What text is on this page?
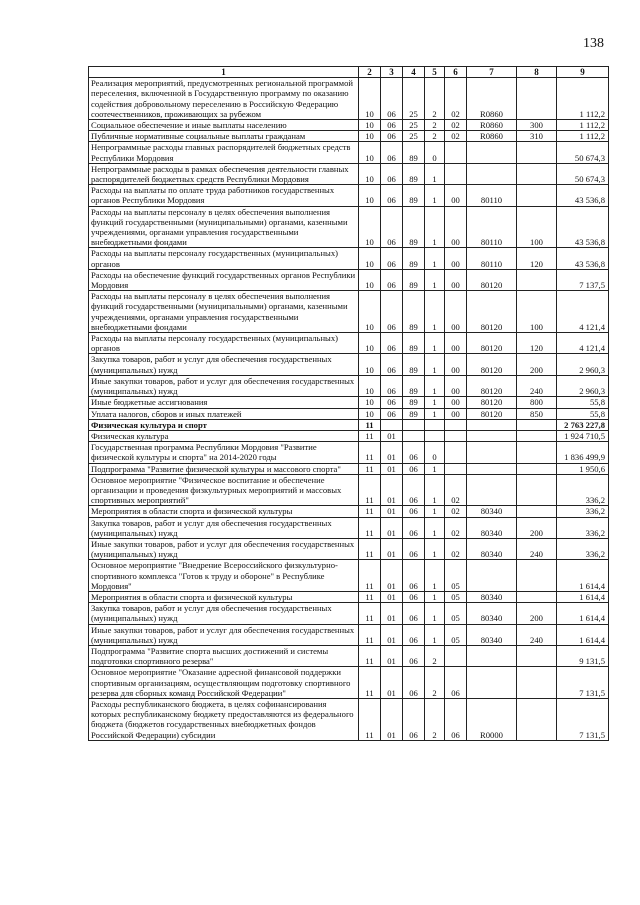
138
1	2	3	4	5	6	7	8	9
Реализация мероприятий, предусмотренных региональной программой переселения, включенной в Государственную программу по оказанию содействия добровольному переселению в Российскую Федерацию соотечественников, проживающих за рубежом	10	06	25	2	02	R0860		1 112,2
Социальное обеспечение и иные выплаты населению	10	06	25	2	02	R0860	300	1 112,2
Публичные нормативные социальные выплаты гражданам	10	06	25	2	02	R0860	310	1 112,2
Непрограммные расходы главных распорядителей бюджетных средств Республики Мордовия	10	06	89	0				50 674,3
Непрограммные расходы в рамках обеспечения деятельности главных распорядителей бюджетных средств Республики Мордовия	10	06	89	1				50 674,3
Расходы на выплаты по оплате труда работников государственных органов Республики Мордовия	10	06	89	1	00	80110		43 536,8
Расходы на выплаты персоналу в целях обеспечения выполнения функций государственными (муниципальными) органами, казенными учреждениями, органами управления государственными внебюджетными фондами	10	06	89	1	00	80110	100	43 536,8
Расходы на выплаты персоналу государственных (муниципальных) органов	10	06	89	1	00	80110	120	43 536,8
Расходы на обеспечение функций государственных органов Республики Мордовия	10	06	89	1	00	80120		7 137,5
Расходы на выплаты персоналу в целях обеспечения выполнения функций государственными (муниципальными) органами, казенными учреждениями, органами управления государственными внебюджетными фондами	10	06	89	1	00	80120	100	4 121,4
Расходы на выплаты персоналу государственных (муниципальных) органов	10	06	89	1	00	80120	120	4 121,4
Закупка товаров, работ и услуг для обеспечения государственных (муниципальных) нужд	10	06	89	1	00	80120	200	2 960,3
Иные закупки товаров, работ и услуг для обеспечения государственных (муниципальных) нужд	10	06	89	1	00	80120	240	2 960,3
Иные бюджетные ассигнования	10	06	89	1	00	80120	800	55,8
Уплата налогов, сборов и иных платежей	10	06	89	1	00	80120	850	55,8
Физическая культура и спорт	11							2 763 227,8
Физическая культура	11	01						1 924 710,5
Государственная программа Республики Мордовия "Развитие физической культуры и спорта" на 2014-2020 годы	11	01	06	0				1 836 499,9
Подпрограмма "Развитие физической культуры и массового спорта"	11	01	06	1				1 950,6
Основное мероприятие "Физическое воспитание и обеспечение организации и проведения физкультурных мероприятий и массовых спортивных мероприятий"	11	01	06	1	02			336,2
Мероприятия в области спорта и физической культуры	11	01	06	1	02	80340		336,2
Закупка товаров, работ и услуг для обеспечения государственных (муниципальных) нужд	11	01	06	1	02	80340	200	336,2
Иные закупки товаров, работ и услуг для обеспечения государственных (муниципальных) нужд	11	01	06	1	02	80340	240	336,2
Основное мероприятие "Внедрение Всероссийского физкультурно-спортивного комплекса "Готов к труду и обороне" в Республике Мордовия"	11	01	06	1	05			1 614,4
Мероприятия в области спорта и физической культуры	11	01	06	1	05	80340		1 614,4
Закупка товаров, работ и услуг для обеспечения государственных (муниципальных) нужд	11	01	06	1	05	80340	200	1 614,4
Иные закупки товаров, работ и услуг для обеспечения государственных (муниципальных) нужд	11	01	06	1	05	80340	240	1 614,4
Подпрограмма "Развитие спорта высших достижений и системы подготовки спортивного резерва"	11	01	06	2				9 131,5
Основное мероприятие "Оказание адресной финансовой поддержки спортивным организациям, осуществляющим подготовку спортивного резерва для сборных команд Российской Федерации"	11	01	06	2	06			7 131,5
Расходы республиканского бюджета, в целях софинансирования которых республиканскому бюджету предоставляются из федерального бюджета (бюджетов государственных внебюджетных фондов Российской Федерации) субсидии	11	01	06	2	06	R0000		7 131,5
